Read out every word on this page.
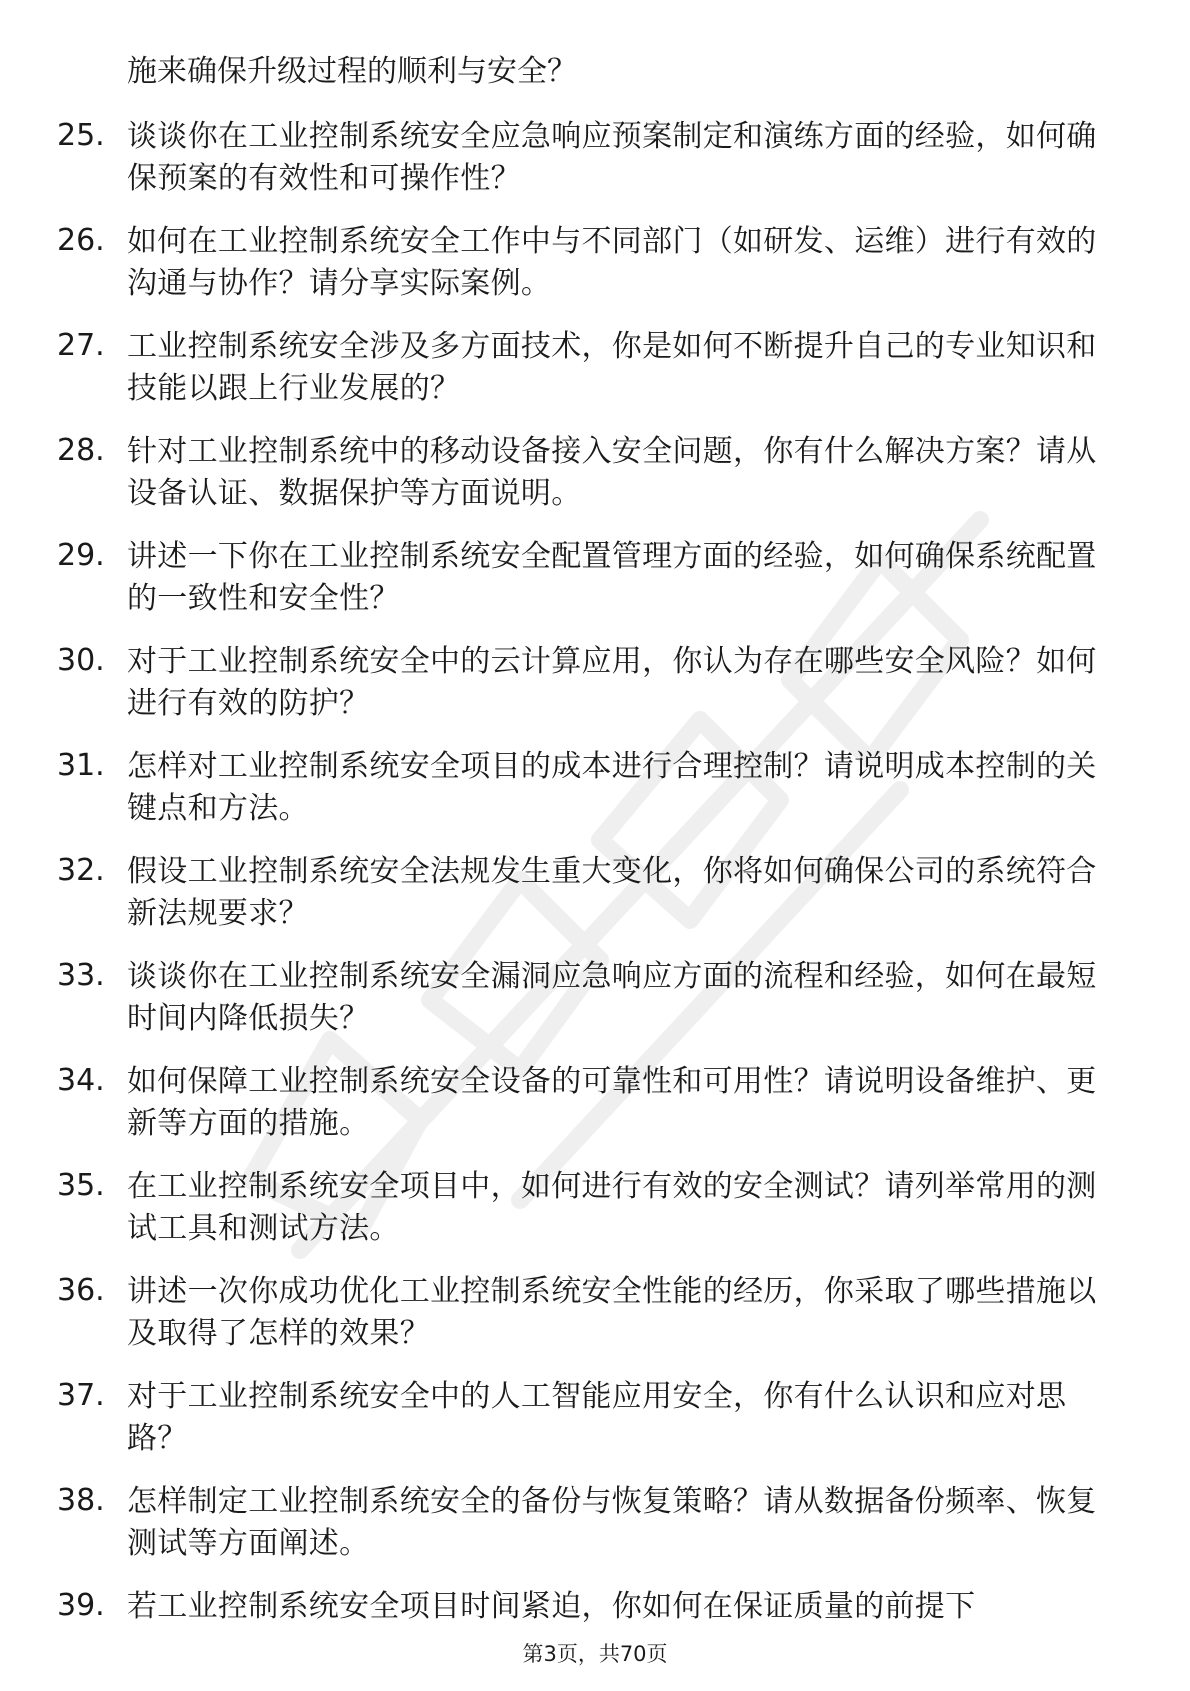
施来确保升级过程的顺利与安全？
25. 谈谈你在工业控制系统安全应急响应预案制定和演练方面的经验，如何确保预案的有效性和可操作性？
26. 如何在工业控制系统安全工作中与不同部门（如研发、运维）进行有效的沟通与协作？请分享实际案例。
27. 工业控制系统安全涉及多方面技术，你是如何不断提升自己的专业知识和技能以跟上行业发展的？
28. 针对工业控制系统中的移动设备接入安全问题，你有什么解决方案？请从设备认证、数据保护等方面说明。
29. 讲述一下你在工业控制系统安全配置管理方面的经验，如何确保系统配置的一致性和安全性？
30. 对于工业控制系统安全中的云计算应用，你认为存在哪些安全风险？如何进行有效的防护？
31. 怎样对工业控制系统安全项目的成本进行合理控制？请说明成本控制的关键点和方法。
32. 假设工业控制系统安全法规发生重大变化，你将如何确保公司的系统符合新法规要求？
33. 谈谈你在工业控制系统安全漏洞应急响应方面的流程和经验，如何在最短时间内降低损失？
34. 如何保障工业控制系统安全设备的可靠性和可用性？请说明设备维护、更新等方面的措施。
35. 在工业控制系统安全项目中，如何进行有效的安全测试？请列举常用的测试工具和测试方法。
36. 讲述一次你成功优化工业控制系统安全性能的经历，你采取了哪些措施以及取得了怎样的效果？
37. 对于工业控制系统安全中的人工智能应用安全，你有什么认识和应对思路？
38. 怎样制定工业控制系统安全的备份与恢复策略？请从数据备份频率、恢复测试等方面阐述。
39. 若工业控制系统安全项目时间紧迫，你如何在保证质量的前提下
第3页，共70页
